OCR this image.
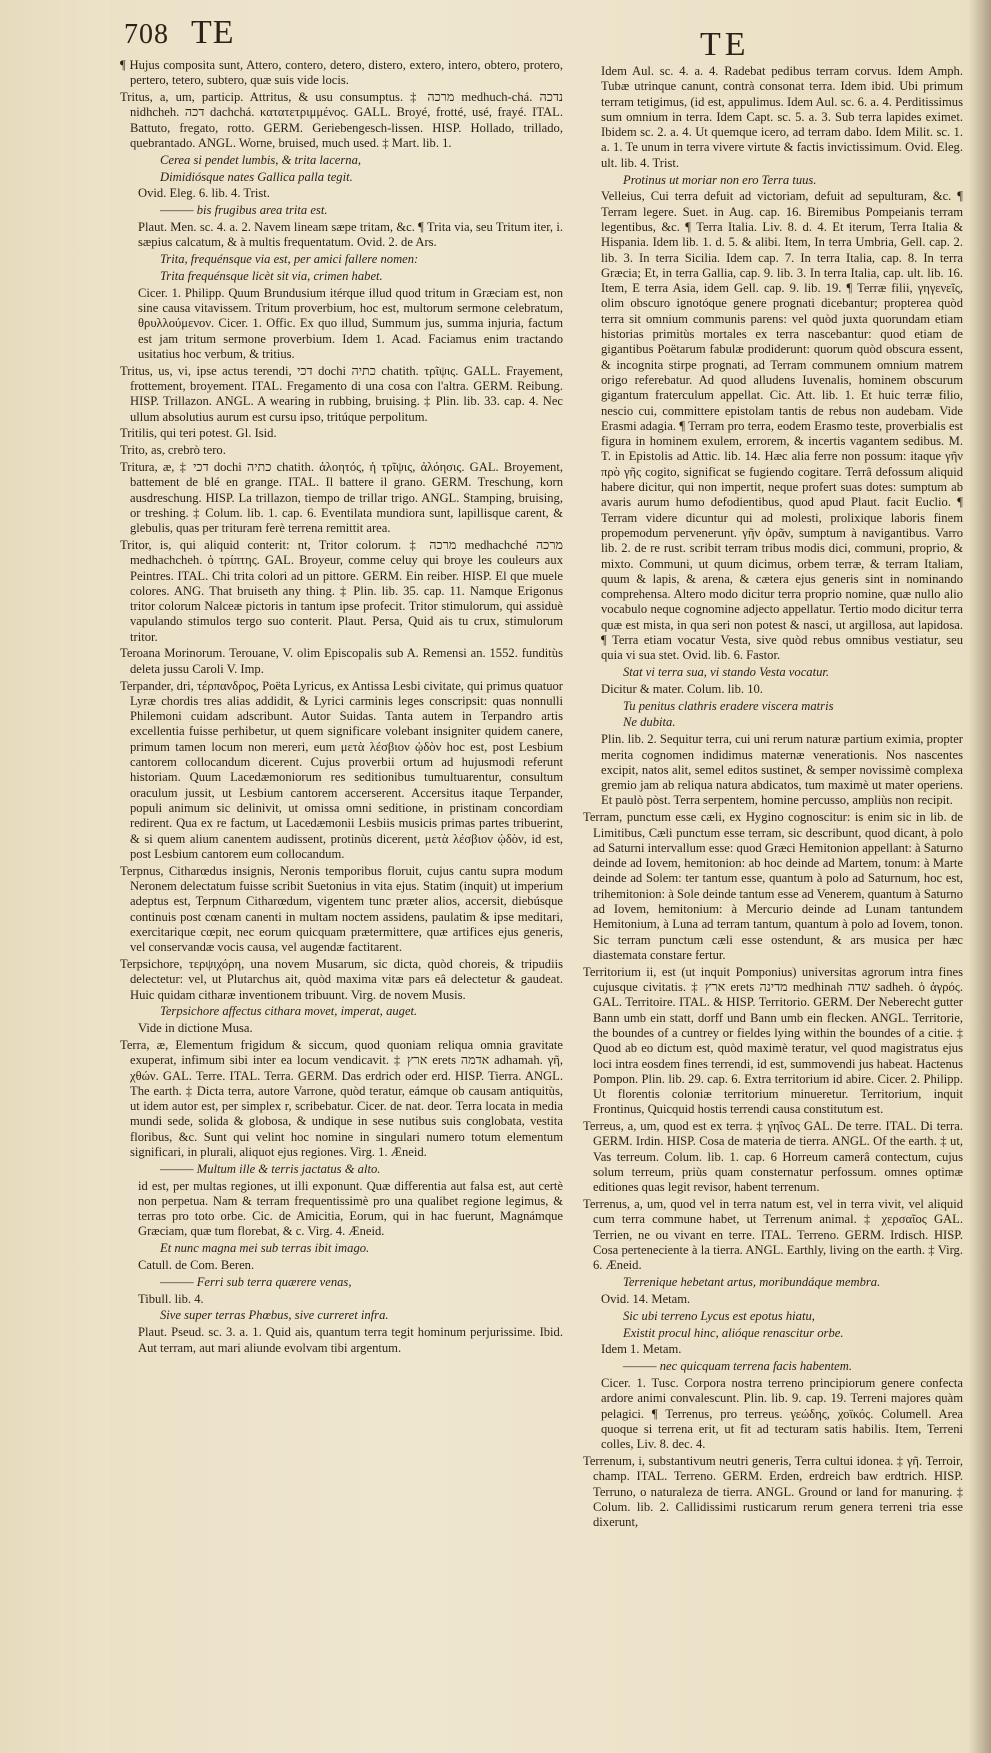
708 TE	TE

¶ Hujus composita sunt, Attero, contero, detero, distero, extero, intero, obtero, protero, pertero, tetero, subtero, quæ suis vide locis.

Tritus, a, um, particip. Attritus, & usu consumptus. ‡ מרכה medhuch-chá. נדכה nidhcheh. דכה dachchá. κατατετριμμένος. GALL. Broyé, frotté, usé, frayé. ITAL. Battuto, fregato, rotto. GERM. Geriebengesch-lissen. HISP. Hollado, trillado, quebrantado. ANGL. Worne, bruised, much used. ‡ Mart. lib. 1.

Cerea si pendet lumbis, & trita lacerna,

Dimidiósque nates Gallica palla tegit.

Ovid. Eleg. 6. lib. 4. Trist.

——— bis frugibus area trita est.

Plaut. Men. sc. 4. a. 2. Navem lineam sæpe tritam, &c. ¶ Trita via, seu Tritum iter, i. sæpius calcatum, & à multis frequentatum. Ovid. 2. de Ars.

Trita, frequénsque via est, per amici fallere nomen:

Trita frequénsque licèt sit via, crimen habet.

Cicer. 1. Philipp. Quum Brundusium itérque illud quod tritum in Græciam est, non sine causa vitavissem. Tritum proverbium, hoc est, multorum sermone celebratum, θρυλλούμενον. Cicer. 1. Offic. Ex quo illud, Summum jus, summa injuria, factum est jam tritum sermone proverbium. Idem 1. Acad. Faciamus enim tractando usitatius hoc verbum, & tritius.

Tritus, us, vi, ipse actus terendi, דכי dochi כתיה chatith. τρῖψις. GALL. Frayement, frottement, broyement. ITAL. Fregamento di una cosa con l'altra. GERM. Reibung. HISP. Trillazon. ANGL. A wearing in rubbing, bruising. ‡ Plin. lib. 33. cap. 4. Nec ullum absolutius aurum est cursu ipso, tritúque perpolitum.

Tritilis, qui teri potest. Gl. Isid.

Trito, as, crebrò tero.

Tritura, æ, ‡ דכי dochi כתיה chatith. ἀλοητός, ἡ τρῖψις, ἀλόησις. GAL. Broyement, battement de blé en grange. ITAL. Il battere il grano. GERM. Treschung, korn ausdreschung. HISP. La trillazon, tiempo de trillar trigo. ANGL. Stamping, bruising, or treshing. ‡ Colum. lib. 1. cap. 6. Eventilata mundiora sunt, lapillisque carent, & glebulis, quas per trituram ferè terrena remittit area.

Tritor, is, qui aliquid conterit: nt, Tritor colorum. ‡ מרכה medhachché מרכה medhachcheh. ὁ τρίπτης. GAL. Broyeur, comme celuy qui broye les couleurs aux Peintres. ITAL. Chi trita colori ad un pittore. GERM. Ein reiber. HISP. El que muele colores. ANG. That bruiseth any thing. ‡ Plin. lib. 35. cap. 11. Namque Erigonus tritor colorum Nalceæ pictoris in tantum ipse profecit. Tritor stimulorum, qui assiduè vapulando stimulos tergo suo conterit. Plaut. Persa, Quid ais tu crux, stimulorum tritor.

Teroana Morinorum. Terouane, V. olim Episcopalis sub A. Remensi an. 1552. funditùs deleta jussu Caroli V. Imp.

Terpander, dri, τέρπανδρος, Poëta Lyricus, ex Antissa Lesbi civitate, qui primus quatuor Lyræ chordis tres alias addidit, & Lyrici carminis leges conscripsit: quas nonnulli Philemoni cuidam adscribunt. Autor Suidas. Tanta autem in Terpandro artis excellentia fuisse perhibetur, ut quem significare volebant insigniter quidem canere, primum tamen locum non mereri, eum μετὰ λέσβιον ᾠδὸν hoc est, post Lesbium cantorem collocandum dicerent. Cujus proverbii ortum ad hujusmodi referunt historiam. Quum Lacedæmoniorum res seditionibus tumultuarentur, consultum oraculum jussit, ut Lesbium cantorem accerserent. Accersitus itaque Terpander, populi animum sic delinivit, ut omissa omni seditione, in pristinam concordiam redirent. Qua ex re factum, ut Lacedæmonii Lesbiis musicis primas partes tribuerint, & si quem alium canentem audissent, protinùs dicerent, μετὰ λέσβιον ᾠδὸν, id est, post Lesbium cantorem eum collocandum.

Terpnus, Citharœdus insignis, Neronis temporibus floruit, cujus cantu supra modum Neronem delectatum fuisse scribit Suetonius in vita ejus. Statim (inquit) ut imperium adeptus est, Terpnum Citharœdum, vigentem tunc præter alios, accersit, diebúsque continuis post cœnam canenti in multam noctem assidens, paulatim & ipse meditari, exercitarique cœpit, nec eorum quicquam prætermittere, quæ artifices ejus generis, vel conservandæ vocis causa, vel augendæ factitarent.

Terpsichore, τερψιχόρη, una novem Musarum, sic dicta, quòd choreis, & tripudiis delectetur: vel, ut Plutarchus ait, quòd maxima vitæ pars eâ delectetur & gaudeat. Huic quidam citharæ inventionem tribuunt. Virg. de novem Musis.

Terpsichore affectus cithara movet, imperat, auget.

Vide in dictione Musa.

Terra, æ, Elementum frigidum & siccum, quod quoniam reliqua omnia gravitate exuperat, infimum sibi inter ea locum vendicavit. ‡ ארץ erets אדמה adhamah. γῆ, χθών. GAL. Terre. ITAL. Terra. GERM. Das erdrich oder erd. HISP. Tierra. ANGL. The earth. ‡ Dicta terra, autore Varrone, quòd teratur, eámque ob causam antiquitùs, ut idem autor est, per simplex r, scribebatur. Cicer. de nat. deor. Terra locata in media mundi sede, solida & globosa, & undique in sese nutibus suis conglobata, vestita floribus, &c. Sunt qui velint hoc nomine in singulari numero totum elementum significari, in plurali, aliquot ejus regiones. Virg. 1. Æneid.

——— Multum ille & terris jactatus & alto.

id est, per multas regiones, ut illi exponunt. Quæ differentia aut falsa est, aut certè non perpetua. Nam & terram frequentissimè pro una qualibet regione legimus, & terras pro toto orbe. Cic. de Amicitia, Eorum, qui in hac fuerunt, Magnámque Græciam, quæ tum florebat, & c. Virg. 4. Æneid.

Et nunc magna mei sub terras ibit imago.

Catull. de Com. Beren.

——— Ferri sub terra quærere venas,

Tibull. lib. 4.

Sive super terras Phœbus, sive curreret infra.

Plaut. Pseud. sc. 3. a. 1. Quid ais, quantum terra tegit hominum perjurissime. Ibid. Aut terram, aut mari aliunde evolvam tibi argentum.

Idem Aul. sc. 4. a. 4. Radebat pedibus terram corvus. Idem Amph. Tubæ utrinque canunt, contrà consonat terra. Idem ibid. Ubi primum terram tetigimus, (id est, appulimus. Idem Aul. sc. 6. a. 4. Perditissimus sum omnium in terra. Idem Capt. sc. 5. a. 3. Sub terra lapides eximet. Ibidem sc. 2. a. 4. Ut quemque icero, ad terram dabo. Idem Milit. sc. 1. a. 1. Te unum in terra vivere virtute & factis invictissimum. Ovid. Eleg. ult. lib. 4. Trist.

Protinus ut moriar non ero Terra tuus.

Velleius, Cui terra defuit ad victoriam, defuit ad sepulturam, &c. ¶ Terram legere. Suet. in Aug. cap. 16. Biremibus Pompeianis terram legentibus, &c. ¶ Terra Italia. Liv. 8. d. 4. Et iterum, Terra Italia & Hispania. Idem lib. 1. d. 5. & alibi. Item, In terra Umbria, Gell. cap. 2. lib. 3. In terra Sicilia. Idem cap. 7. In terra Italia, cap. 8. In terra Græcia; Et, in terra Gallia, cap. 9. lib. 3. In terra Italia, cap. ult. lib. 16. Item, E terra Asia, idem Gell. cap. 9. lib. 19. ¶ Terræ filii, γηγενεῖς, olim obscuro ignotóque genere prognati dicebantur; propterea quòd terra sit omnium communis parens: vel quòd juxta quorundam etiam historias primitùs mortales ex terra nascebantur: quod etiam de gigantibus Poëtarum fabulæ prodiderunt: quorum quòd obscura essent, & incognita stirpe prognati, ad Terram communem omnium matrem origo referebatur. Ad quod alludens Iuvenalis, hominem obscurum gigantum fraterculum appellat. Cic. Att. lib. 1. Et huic terræ filio, nescio cui, committere epistolam tantis de rebus non audebam. Vide Erasmi adagia. ¶ Terram pro terra, eodem Erasmo teste, proverbialis est figura in hominem exulem, errorem, & incertis vagantem sedibus. M. T. in Epistolis ad Attic. lib. 14. Hæc alia ferre non possum: itaque γῆν πρὸ γῆς cogito, significat se fugiendo cogitare. Terrâ defossum aliquid habere dicitur, qui non impertit, neque profert suas dotes: sumptum ab avaris aurum humo defodientibus, quod apud Plaut. facit Euclio. ¶ Terram videre dicuntur qui ad molesti, prolixique laboris finem propemodum pervenerunt. γῆν ὁρᾶν, sumptum à navigantibus. Varro lib. 2. de re rust. scribit terram tribus modis dici, communi, proprio, & mixto. Communi, ut quum dicimus, orbem terræ, & terram Italiam, quum & lapis, & arena, & cætera ejus generis sint in nominando comprehensa. Altero modo dicitur terra proprio nomine, quæ nullo alio vocabulo neque cognomine adjecto appellatur. Tertio modo dicitur terra quæ est mista, in qua seri non potest & nasci, ut argillosa, aut lapidosa. ¶ Terra etiam vocatur Vesta, sive quòd rebus omnibus vestiatur, seu quia vi sua stet. Ovid. lib. 6. Fastor.

Stat vi terra sua, vi stando Vesta vocatur.

Dicitur & mater. Colum. lib. 10.

Tu penitus clathris eradere viscera matris

Ne dubita.

Plin. lib. 2. Sequitur terra, cui uni rerum naturæ partium eximia, propter merita cognomen indidimus maternæ venerationis. Nos nascentes excipit, natos alit, semel editos sustinet, & semper novissimè complexa gremio jam ab reliqua natura abdicatos, tum maximè ut mater operiens. Et paulò pòst. Terra serpentem, homine percusso, ampliùs non recipit.

Terram, punctum esse cæli, ex Hygino cognoscitur: is enim sic in lib. de Limitibus, Cæli punctum esse terram, sic describunt, quod dicant, à polo ad Saturni intervallum esse: quod Græci Hemitonion appellant: à Saturno deinde ad Iovem, hemitonion: ab hoc deinde ad Martem, tonum: à Marte deinde ad Solem: ter tantum esse, quantum à polo ad Saturnum, hoc est, trihemitonion: à Sole deinde tantum esse ad Venerem, quantum à Saturno ad Iovem, hemitonium: à Mercurio deinde ad Lunam tantundem Hemitonium, à Luna ad terram tantum, quantum à polo ad Iovem, tonon. Sic terram punctum cæli esse ostendunt, & ars musica per hæc diastemata constare fertur.

Territorium ii, est (ut inquit Pomponius) universitas agrorum intra fines cujusque civitatis. ‡ ארץ erets מדינה medhinah שדה sadheh. ὁ ἀγρός. GAL. Territoire. ITAL. & HISP. Territorio. GERM. Der Neberecht gutter Bann umb ein statt, dorff und Bann umb ein flecken. ANGL. Territorie, the boundes of a cuntrey or fieldes lying within the boundes of a citie. ‡ Quod ab eo dictum est, quòd maximè teratur, vel quod magistratus ejus loci intra eosdem fines terrendi, id est, summovendi jus habeat. Hactenus Pompon. Plin. lib. 29. cap. 6. Extra territorium id abire. Cicer. 2. Philipp. Ut florentis coloniæ territorium minueretur. Territorium, inquit Frontinus, Quicquid hostis terrendi causa constitutum est.

Terreus, a, um, quod est ex terra. ‡ γηΐνος GAL. De terre. ITAL. Di terra. GERM. Irdin. HISP. Cosa de materia de tierra. ANGL. Of the earth. ‡ ut, Vas terreum. Colum. lib. 1. cap. 6 Horreum camerâ contectum, cujus solum terreum, priùs quam consternatur perfossum. omnes optimæ editiones quas legit revisor, habent terrenum.

Terrenus, a, um, quod vel in terra natum est, vel in terra vivit, vel aliquid cum terra commune habet, ut Terrenum animal. ‡ χερσαῖος GAL. Terrien, ne ou vivant en terre. ITAL. Terreno. GERM. Irdisch. HISP. Cosa perteneciente à la tierra. ANGL. Earthly, living on the earth. ‡ Virg. 6. Æneid.

Terrenique hebetant artus, moribundáque membra.

Ovid. 14. Metam.

Sic ubi terreno Lycus est epotus hiatu,

Existit procul hinc, alióque renascitur orbe.

Idem 1. Metam.

——— nec quicquam terrena facis habentem.

Cicer. 1. Tusc. Corpora nostra terreno principiorum genere confecta ardore animi convalescunt. Plin. lib. 9. cap. 19. Terreni majores quàm pelagici. ¶ Terrenus, pro terreus. γεώδης, χοϊκός. Columell. Area quoque si terrena erit, ut fit ad tecturam satis habilis. Item, Terreni colles, Liv. 8. dec. 4.

Terrenum, i, substantivum neutri generis, Terra cultui idonea. ‡ γῆ. Terroir, champ. ITAL. Terreno. GERM. Erden, erdreich baw erdtrich. HISP. Terruno, o naturaleza de tierra. ANGL. Ground or land for manuring. ‡ Colum. lib. 2. Callidissimi rusticarum rerum genera terreni tria esse dixerunt,
